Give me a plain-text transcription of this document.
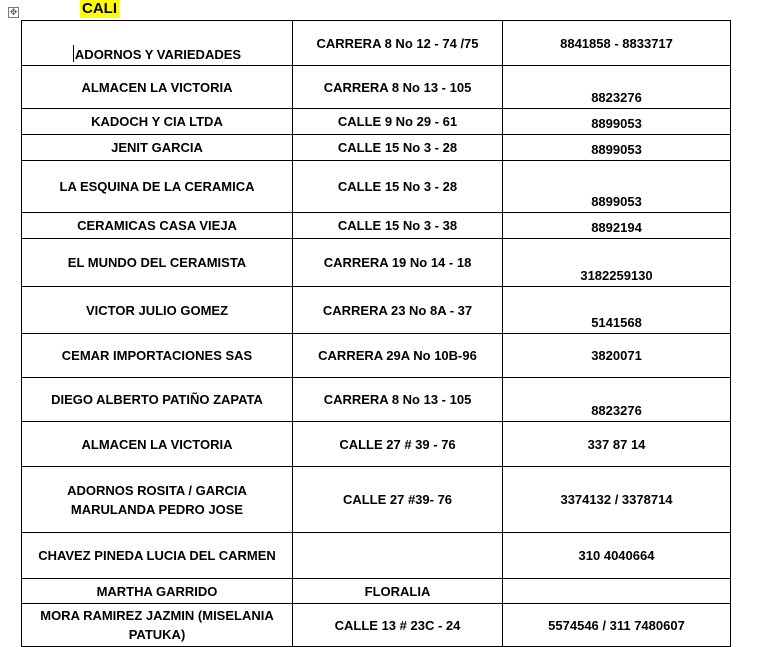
✥	CALI
ADORNOS Y VARIEDADES	CARRERA 8 No 12 - 74 /75	8841858 - 8833717
ALMACEN LA VICTORIA	CARRERA 8 No 13 - 105	8823276
KADOCH Y CIA LTDA	CALLE 9 No 29 - 61	8899053
JENIT GARCIA	CALLE 15 No 3 - 28	8899053
LA ESQUINA DE LA CERAMICA	CALLE 15 No 3 - 28	8899053
CERAMICAS CASA VIEJA	CALLE 15 No 3 - 38	8892194
EL MUNDO DEL CERAMISTA	CARRERA 19 No 14 - 18	3182259130
VICTOR JULIO GOMEZ	CARRERA 23 No 8A - 37	5141568
CEMAR IMPORTACIONES SAS	CARRERA 29A No 10B-96	3820071
DIEGO ALBERTO PATIÑO ZAPATA	CARRERA 8 No 13 - 105	8823276
ALMACEN LA VICTORIA	CALLE 27 # 39 - 76	337 87 14
ADORNOS ROSITA / GARCIA MARULANDA PEDRO JOSE	CALLE 27 #39- 76	3374132 / 3378714
CHAVEZ PINEDA LUCIA DEL CARMEN		310 4040664
MARTHA GARRIDO	FLORALIA	
MORA RAMIREZ JAZMIN (MISELANIA PATUKA)	CALLE 13 # 23C - 24	5574546 / 311 7480607
